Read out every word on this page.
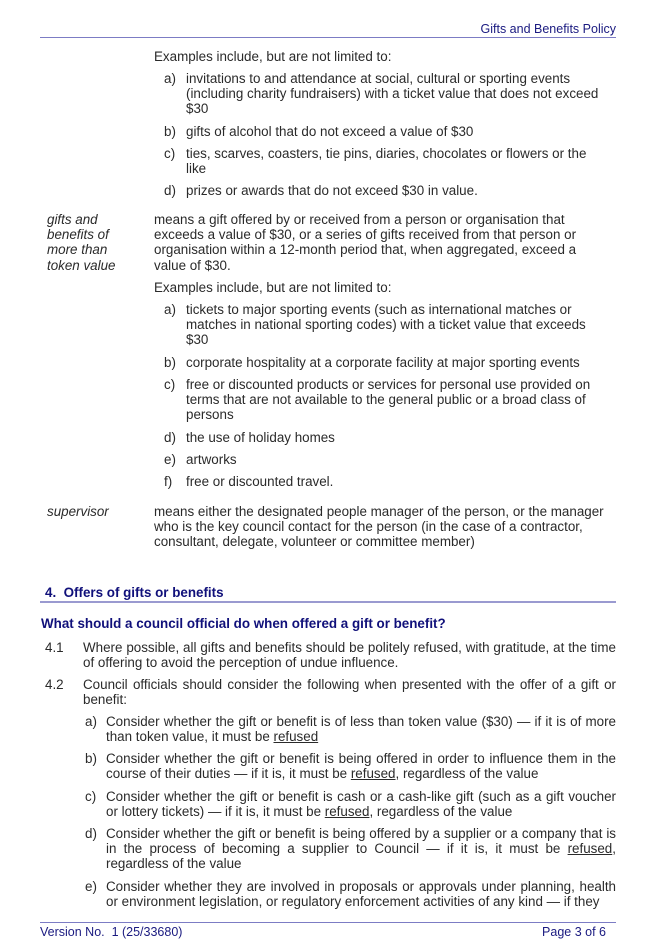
Gifts and Benefits Policy
Examples include, but are not limited to:
a) invitations to and attendance at social, cultural or sporting events (including charity fundraisers) with a ticket value that does not exceed $30
b) gifts of alcohol that do not exceed a value of $30
c) ties, scarves, coasters, tie pins, diaries, chocolates or flowers or the like
d) prizes or awards that do not exceed $30 in value.
gifts and benefits of more than token value
means a gift offered by or received from a person or organisation that exceeds a value of $30, or a series of gifts received from that person or organisation within a 12-month period that, when aggregated, exceed a value of $30.
Examples include, but are not limited to:
a) tickets to major sporting events (such as international matches or matches in national sporting codes) with a ticket value that exceeds $30
b) corporate hospitality at a corporate facility at major sporting events
c) free or discounted products or services for personal use provided on terms that are not available to the general public or a broad class of persons
d) the use of holiday homes
e) artworks
f) free or discounted travel.
supervisor	means either the designated people manager of the person, or the manager who is the key council contact for the person (in the case of a contractor, consultant, delegate, volunteer or committee member)
4.  Offers of gifts or benefits
What should a council official do when offered a gift or benefit?
4.1 Where possible, all gifts and benefits should be politely refused, with gratitude, at the time of offering to avoid the perception of undue influence.
4.2 Council officials should consider the following when presented with the offer of a gift or benefit:
a) Consider whether the gift or benefit is of less than token value ($30) — if it is of more than token value, it must be refused
b) Consider whether the gift or benefit is being offered in order to influence them in the course of their duties — if it is, it must be refused, regardless of the value
c) Consider whether the gift or benefit is cash or a cash-like gift (such as a gift voucher or lottery tickets) — if it is, it must be refused, regardless of the value
d) Consider whether the gift or benefit is being offered by a supplier or a company that is in the process of becoming a supplier to Council — if it is, it must be refused, regardless of the value
e) Consider whether they are involved in proposals or approvals under planning, health or environment legislation, or regulatory enforcement activities of any kind — if they
Version No.  1 (25/33680)	Page 3 of 6
